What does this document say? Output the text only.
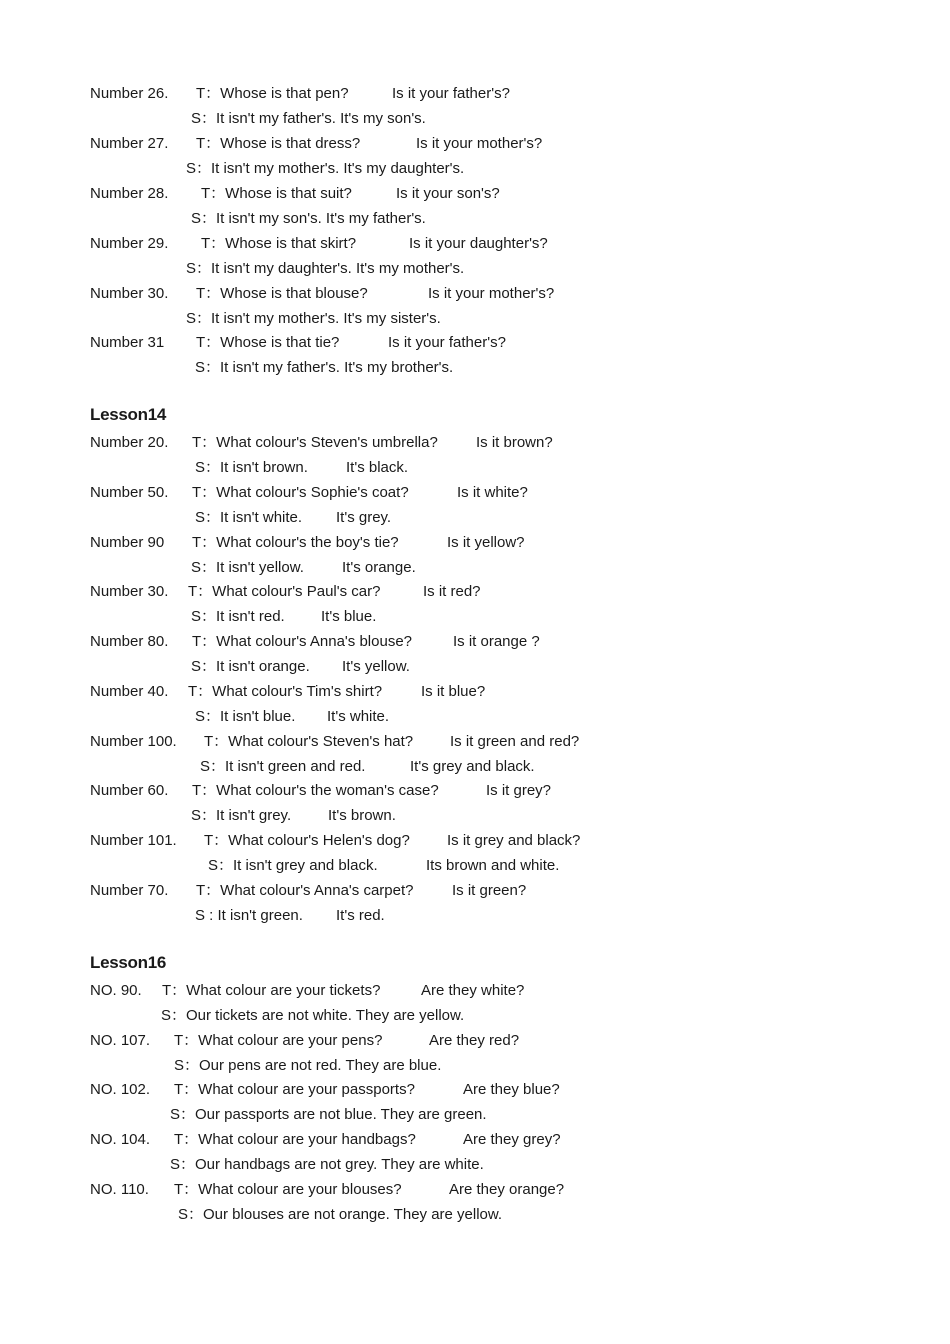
Number 26. T：Whose is that pen?	Is it your father's?
S：It isn't my father's. It's my son's.
Number 27. T：Whose is that dress?	Is it your mother's?
S：It isn't my mother's. It's my daughter's.
Number 28. T：Whose is that suit?	Is it your son's?
S：It isn't my son's. It's my father's.
Number 29. T：Whose is that skirt?	Is it your daughter's?
S：It isn't my daughter's. It's my mother's.
Number 30. T：Whose is that blouse?	Is it your mother's?
S：It isn't my mother's. It's my sister's.
Number 31 T：Whose is that tie?	Is it your father's?
S：It isn't my father's. It's my brother's.
Lesson14
Number 20. T：What colour's Steven's umbrella?	Is it brown?
S：It isn't brown.	It's black.
Number 50. T：What colour's Sophie's coat?	Is it white?
S：It isn't white. It's grey.
Number 90 T：What colour's the boy's tie?	Is it yellow?
S：It isn't yellow.	It's orange.
Number 30. T：What colour's Paul's car?	Is it red?
S：It isn't red. It's blue.
Number 80. T：What colour's Anna's blouse?	Is it orange ?
S：It isn't orange. It's yellow.
Number 40. T：What colour's Tim's shirt?	Is it blue?
S：It isn't blue. It's white.
Number 100. T：What colour's Steven's hat? Is it green and red?
S：It isn't green and red.	It's grey and black.
Number 60. T：What colour's the woman's case?	Is it grey?
S：It isn't grey. It's brown.
Number 101. T：What colour's Helen's dog? Is it grey and black?
S：It isn't grey and black.	Its brown and white.
Number 70. T：What colour's Anna's carpet?	Is it green?
S : It isn't green. It's red.
Lesson16
NO. 90. T：What colour are your tickets?	Are they white?
S：Our tickets are not white. They are yellow.
NO. 107. T：What colour are your pens?	Are they red?
S：Our pens are not red. They are blue.
NO. 102. T：What colour are your passports?	Are they blue?
S：Our passports are not blue. They are green.
NO. 104. T：What colour are your handbags?	Are they grey?
S：Our handbags are not grey. They are white.
NO. 110. T：What colour are your blouses?	Are they orange?
S：Our blouses are not orange. They are yellow.
